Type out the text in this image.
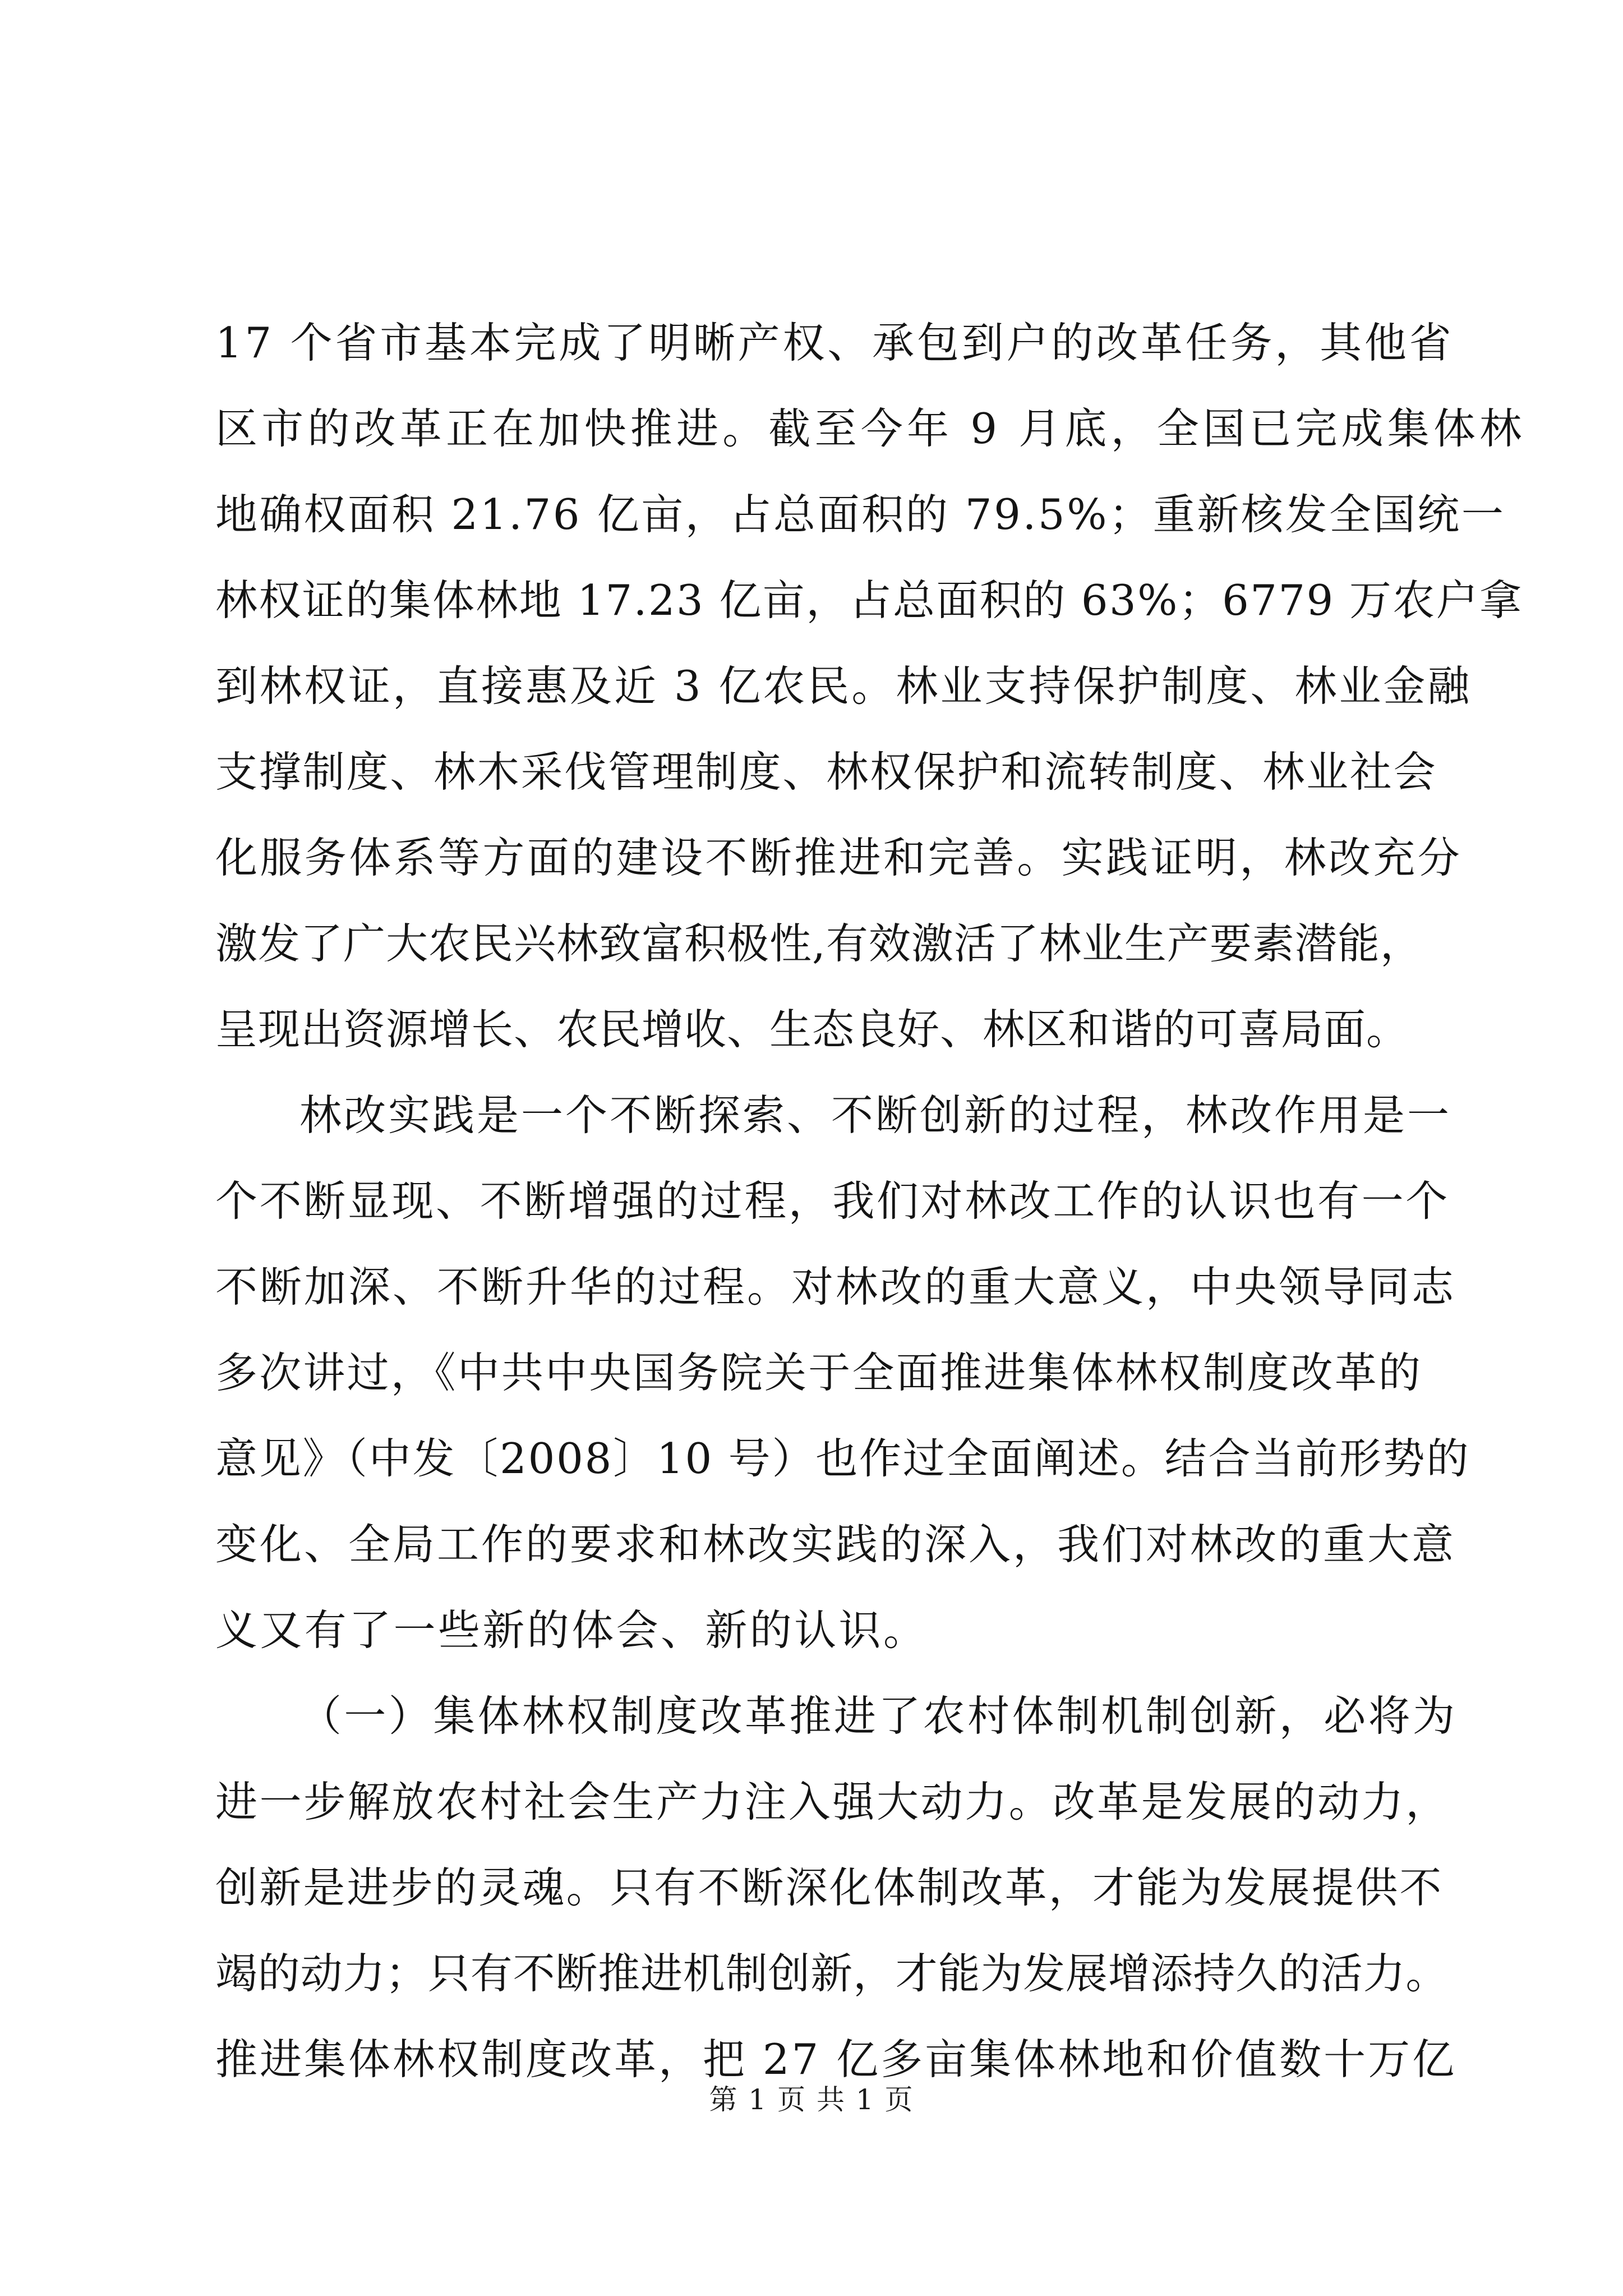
17 个省市基本完成了明晰产权、承包到户的改革任务，其他省
区市的改革正在加快推进。截至今年 9 月底，全国已完成集体林
地确权面积 21.76 亿亩，占总面积的 79.5%；重新核发全国统一
林权证的集体林地 17.23 亿亩，占总面积的 63%；6779 万农户拿
到林权证，直接惠及近 3 亿农民。林业支持保护制度、林业金融
支撑制度、林木采伐管理制度、林权保护和流转制度、林业社会
化服务体系等方面的建设不断推进和完善。实践证明，林改充分
激发了广大农民兴林致富积极性,有效激活了林业生产要素潜能，
呈现出资源增长、农民增收、生态良好、林区和谐的可喜局面。
林改实践是一个不断探索、不断创新的过程，林改作用是一
个不断显现、不断增强的过程，我们对林改工作的认识也有一个
不断加深、不断升华的过程。对林改的重大意义，中央领导同志
多次讲过，《中共中央国务院关于全面推进集体林权制度改革的
意见》（中发〔2008〕10 号）也作过全面阐述。结合当前形势的
变化、全局工作的要求和林改实践的深入，我们对林改的重大意
义又有了一些新的体会、新的认识。
（一）集体林权制度改革推进了农村体制机制创新，必将为
进一步解放农村社会生产力注入强大动力。改革是发展的动力，
创新是进步的灵魂。只有不断深化体制改革，才能为发展提供不
竭的动力；只有不断推进机制创新，才能为发展增添持久的活力。
推进集体林权制度改革，把 27 亿多亩集体林地和价值数十万亿
第 1 页 共 1 页
